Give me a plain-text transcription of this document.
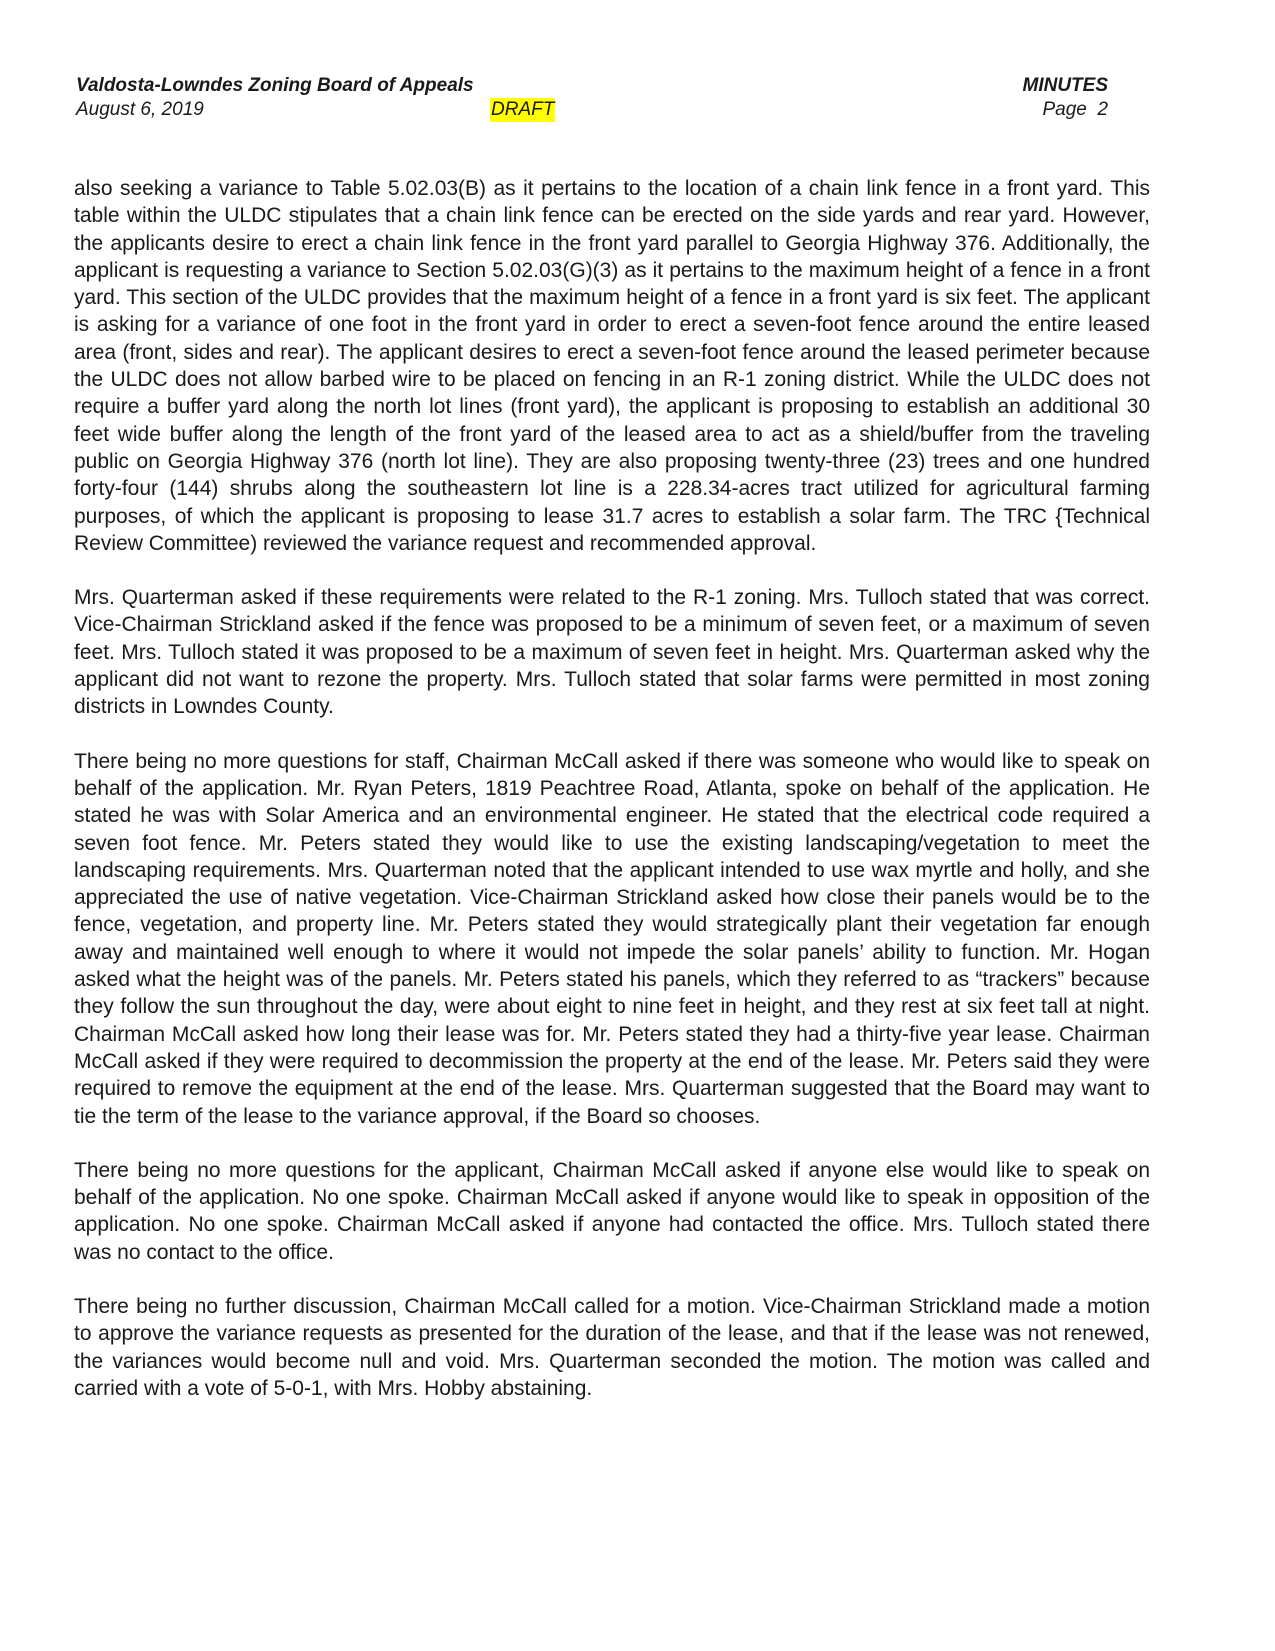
Valdosta-Lowndes Zoning Board of Appeals
August 6, 2019	DRAFT
MINUTES
Page  2

also seeking a variance to Table 5.02.03(B) as it pertains to the location of a chain link fence in a front yard. This table within the ULDC stipulates that a chain link fence can be erected on the side yards and rear yard. However, the applicants desire to erect a chain link fence in the front yard parallel to Georgia Highway 376. Additionally, the applicant is requesting a variance to Section 5.02.03(G)(3) as it pertains to the maximum height of a fence in a front yard. This section of the ULDC provides that the maximum height of a fence in a front yard is six feet. The applicant is asking for a variance of one foot in the front yard in order to erect a seven-foot fence around the entire leased area (front, sides and rear). The applicant desires to erect a seven-foot fence around the leased perimeter because the ULDC does not allow barbed wire to be placed on fencing in an R-1 zoning district. While the ULDC does not require a buffer yard along the north lot lines (front yard), the applicant is proposing to establish an additional 30 feet wide buffer along the length of the front yard of the leased area to act as a shield/buffer from the traveling public on Georgia Highway 376 (north lot line). They are also proposing twenty-three (23) trees and one hundred forty-four (144) shrubs along the southeastern lot line is a 228.34-acres tract utilized for agricultural farming purposes, of which the applicant is proposing to lease 31.7 acres to establish a solar farm. The TRC {Technical Review Committee) reviewed the variance request and recommended approval.

Mrs. Quarterman asked if these requirements were related to the R-1 zoning. Mrs. Tulloch stated that was correct. Vice-Chairman Strickland asked if the fence was proposed to be a minimum of seven feet, or a maximum of seven feet. Mrs. Tulloch stated it was proposed to be a maximum of seven feet in height. Mrs. Quarterman asked why the applicant did not want to rezone the property. Mrs. Tulloch stated that solar farms were permitted in most zoning districts in Lowndes County.

There being no more questions for staff, Chairman McCall asked if there was someone who would like to speak on behalf of the application. Mr. Ryan Peters, 1819 Peachtree Road, Atlanta, spoke on behalf of the application. He stated he was with Solar America and an environmental engineer. He stated that the electrical code required a seven foot fence. Mr. Peters stated they would like to use the existing landscaping/vegetation to meet the landscaping requirements. Mrs. Quarterman noted that the applicant intended to use wax myrtle and holly, and she appreciated the use of native vegetation. Vice-Chairman Strickland asked how close their panels would be to the fence, vegetation, and property line. Mr. Peters stated they would strategically plant their vegetation far enough away and maintained well enough to where it would not impede the solar panels’ ability to function. Mr. Hogan asked what the height was of the panels. Mr. Peters stated his panels, which they referred to as “trackers” because they follow the sun throughout the day, were about eight to nine feet in height, and they rest at six feet tall at night. Chairman McCall asked how long their lease was for. Mr. Peters stated they had a thirty-five year lease. Chairman McCall asked if they were required to decommission the property at the end of the lease. Mr. Peters said they were required to remove the equipment at the end of the lease. Mrs. Quarterman suggested that the Board may want to tie the term of the lease to the variance approval, if the Board so chooses.

There being no more questions for the applicant, Chairman McCall asked if anyone else would like to speak on behalf of the application. No one spoke. Chairman McCall asked if anyone would like to speak in opposition of the application. No one spoke. Chairman McCall asked if anyone had contacted the office. Mrs. Tulloch stated there was no contact to the office.

There being no further discussion, Chairman McCall called for a motion. Vice-Chairman Strickland made a motion to approve the variance requests as presented for the duration of the lease, and that if the lease was not renewed, the variances would become null and void. Mrs. Quarterman seconded the motion. The motion was called and carried with a vote of 5-0-1, with Mrs. Hobby abstaining.
